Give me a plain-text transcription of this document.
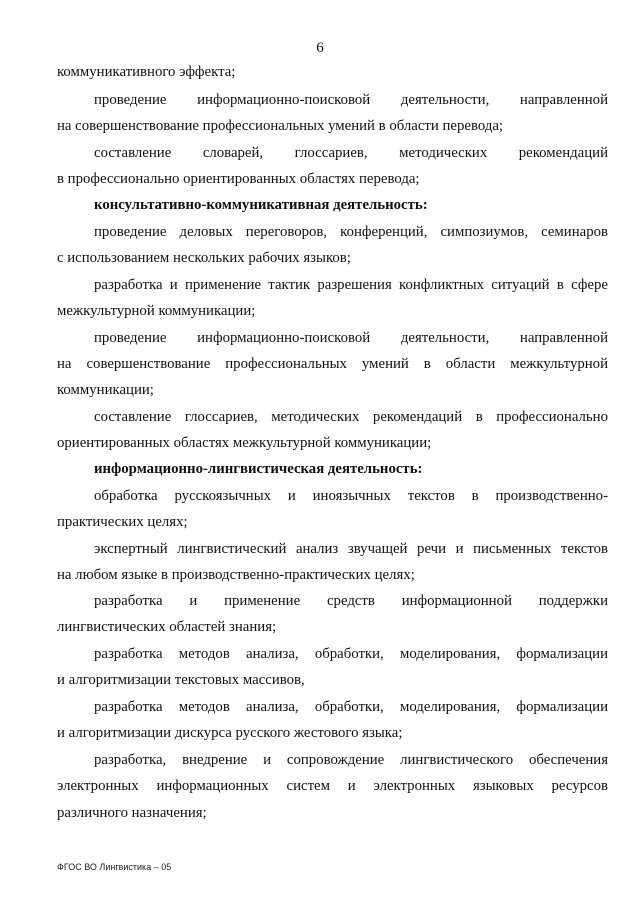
6
коммуникативного эффекта;
проведение информационно-поисковой деятельности, направленной
на совершенствование профессиональных умений в области перевода;
составление словарей, глоссариев, методических рекомендаций
в профессионально ориентированных областях перевода;
консультативно-коммуникативная деятельность:
проведение деловых переговоров, конференций, симпозиумов, семинаров
с использованием нескольких рабочих языков;
разработка и применение тактик разрешения конфликтных ситуаций в сфере
межкультурной коммуникации;
проведение информационно-поисковой деятельности, направленной
на совершенствование профессиональных умений в области межкультурной
коммуникации;
составление глоссариев, методических рекомендаций в профессионально
ориентированных областях межкультурной коммуникации;
информационно-лингвистическая деятельность:
обработка русскоязычных и иноязычных текстов в производственно-
практических целях;
экспертный лингвистический анализ звучащей речи и письменных текстов
на любом языке в производственно-практических целях;
разработка и применение средств информационной поддержки
лингвистических областей знания;
разработка методов анализа, обработки, моделирования, формализации
и алгоритмизации текстовых массивов,
разработка методов анализа, обработки, моделирования, формализации
и алгоритмизации дискурса русского жестового языка;
разработка, внедрение и сопровождение лингвистического обеспечения
электронных информационных систем и электронных языковых ресурсов
различного назначения;
ФГОС ВО Лингвистика – 05
